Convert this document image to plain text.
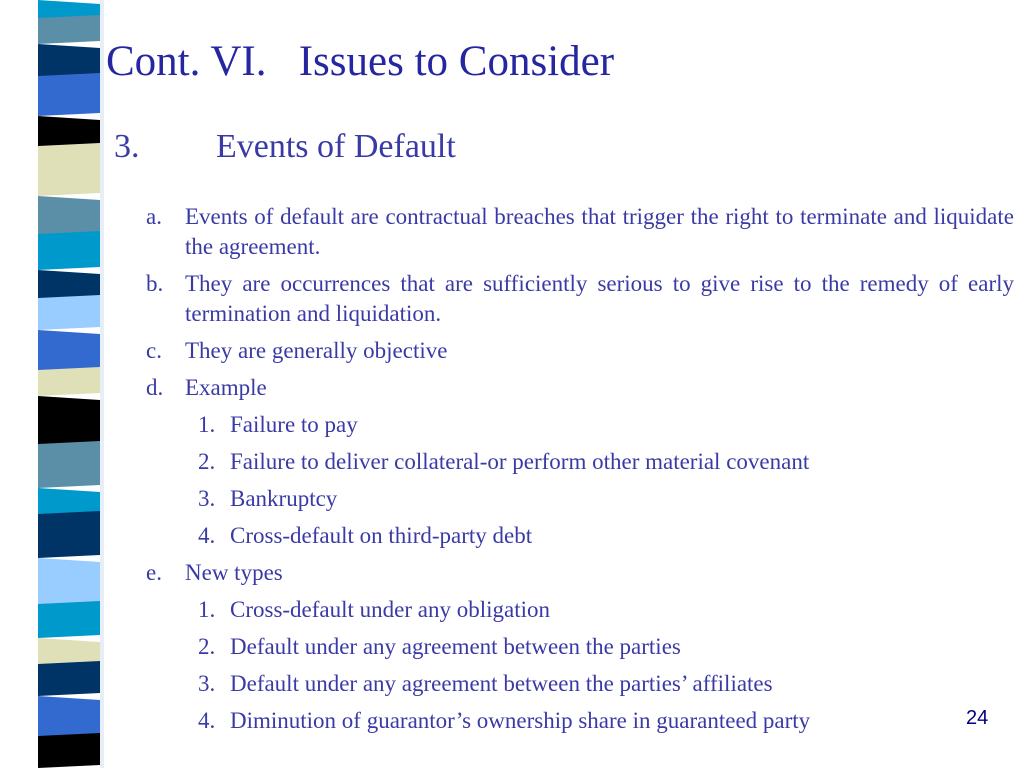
Cont. VI.   Issues to Consider
3.	Events of Default
a.	Events of default are contractual breaches that trigger the right to terminate and liquidate the agreement.
b. They are occurrences that are sufficiently serious to give rise to the remedy of early termination and liquidation.
c.	They are generally objective
d. Example
1. Failure to pay
2. Failure to deliver collateral-or perform other material covenant
3. Bankruptcy
4. Cross-default on third-party debt
e.	New types
1. Cross-default under any obligation
2. Default under any agreement between the parties
3. Default under any agreement between the parties’ affiliates
4. Diminution of guarantor’s ownership share in guaranteed party	24
